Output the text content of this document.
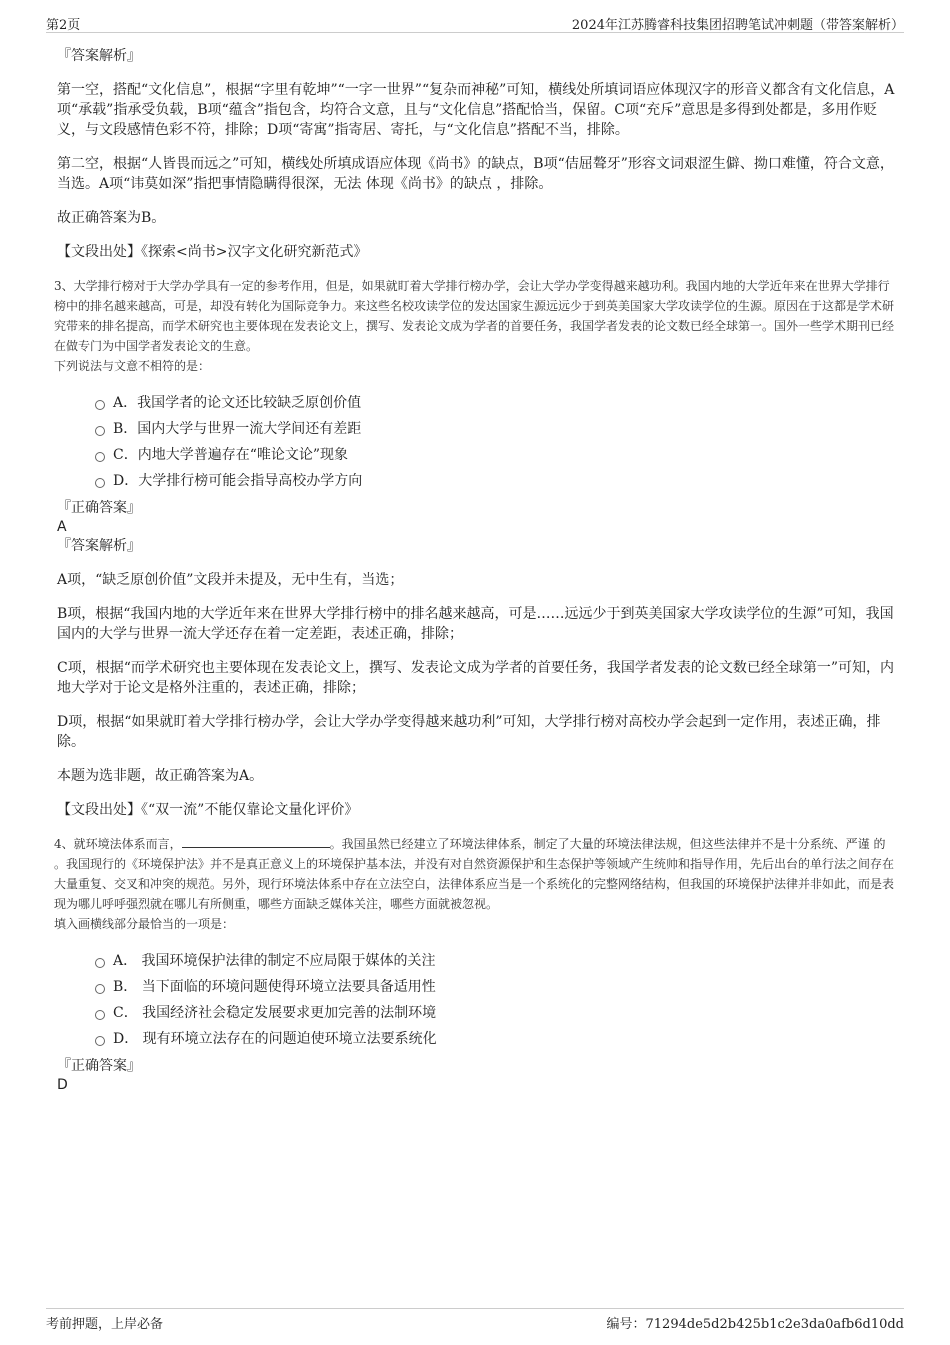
第2页	2024年江苏腾睿科技集团招聘笔试冲刺题（带答案解析）

『答案解析』

第一空，搭配“文化信息”，根据“字里有乾坤”“一字一世界”“复杂而神秘”可知，横线处所填词语应体现汉字的形音义都含有文化信息，A项“承载”指承受负载，B项“蕴含”指包含，均符合文意，且与“文化信息”搭配恰当，保留。C项“充斥”意思是多得到处都是，多用作贬义，与文段感情色彩不符，排除；D项“寄寓”指寄居、寄托，与“文化信息”搭配不当，排除。

第二空，根据“人皆畏而远之”可知，横线处所填成语应体现《尚书》的缺点，B项“佶屈聱牙”形容文词艰涩生僻、拗口难懂，符合文意，当选。A项“讳莫如深”指把事情隐瞒得很深，无法 体现《尚书》的缺点 ，排除。

故正确答案为B。

【文段出处】《探索<尚书>汉字文化研究新范式》

3、大学排行榜对于大学办学具有一定的参考作用，但是，如果就盯着大学排行榜办学，会让大学办学变得越来越功利。我国内地的大学近年来在世界大学排行榜中的排名越来越高，可是，却没有转化为国际竞争力。来这些名校攻读学位的发达国家生源远远少于到英美国家大学攻读学位的生源。原因在于这都是学术研究带来的排名提高，而学术研究也主要体现在发表论文上，撰写、发表论文成为学者的首要任务，我国学者发表的论文数已经全球第一。国外一些学术期刊已经在做专门为中国学者发表论文的生意。

下列说法与文意不相符的是：

A．我国学者的论文还比较缺乏原创价值
B．国内大学与世界一流大学间还有差距
C．内地大学普遍存在“唯论文论”现象
D．大学排行榜可能会指导高校办学方向

『正确答案』

A

『答案解析』

A项，“缺乏原创价值”文段并未提及，无中生有，当选；

B项，根据“我国内地的大学近年来在世界大学排行榜中的排名越来越高，可是……远远少于到英美国家大学攻读学位的生源”可知，我国国内的大学与世界一流大学还存在着一定差距，表述正确，排除；

C项，根据“而学术研究也主要体现在发表论文上，撰写、发表论文成为学者的首要任务，我国学者发表的论文数已经全球第一”可知，内地大学对于论文是格外注重的，表述正确，排除；

D项，根据“如果就盯着大学排行榜办学，会让大学办学变得越来越功利”可知，大学排行榜对高校办学会起到一定作用，表述正确，排除。

本题为选非题，故正确答案为A。

【文段出处】《“双一流”不能仅靠论文量化评价》

4、就环境法体系而言，	。我国虽然已经建立了环境法律体系，制定了大量的环境法律法规，但这些法律并不是十分系统、严谨 的 。我国现行的《环境保护法》并不是真正意义上的环境保护基本法，并没有对自然资源保护和生态保护等领域产生统帅和指导作用，先后出台的单行法之间存在大量重复、交叉和冲突的规范。另外，现行环境法体系中存在立法空白，法律体系应当是一个系统化的完整网络结构，但我国的环境保护法律并非如此，而是表现为哪儿呼呼强烈就在哪儿有所侧重，哪些方面缺乏媒体关注，哪些方面就被忽视。

填入画横线部分最恰当的一项是：

A． 我国环境保护法律的制定不应局限于媒体的关注
B． 当下面临的环境问题使得环境立法要具备适用性
C． 我国经济社会稳定发展要求更加完善的法制环境
D． 现有环境立法存在的问题迫使环境立法要系统化

『正确答案』

D

考前押题，上岸必备	编号：71294de5d2b425b1c2e3da0afb6d10dd
